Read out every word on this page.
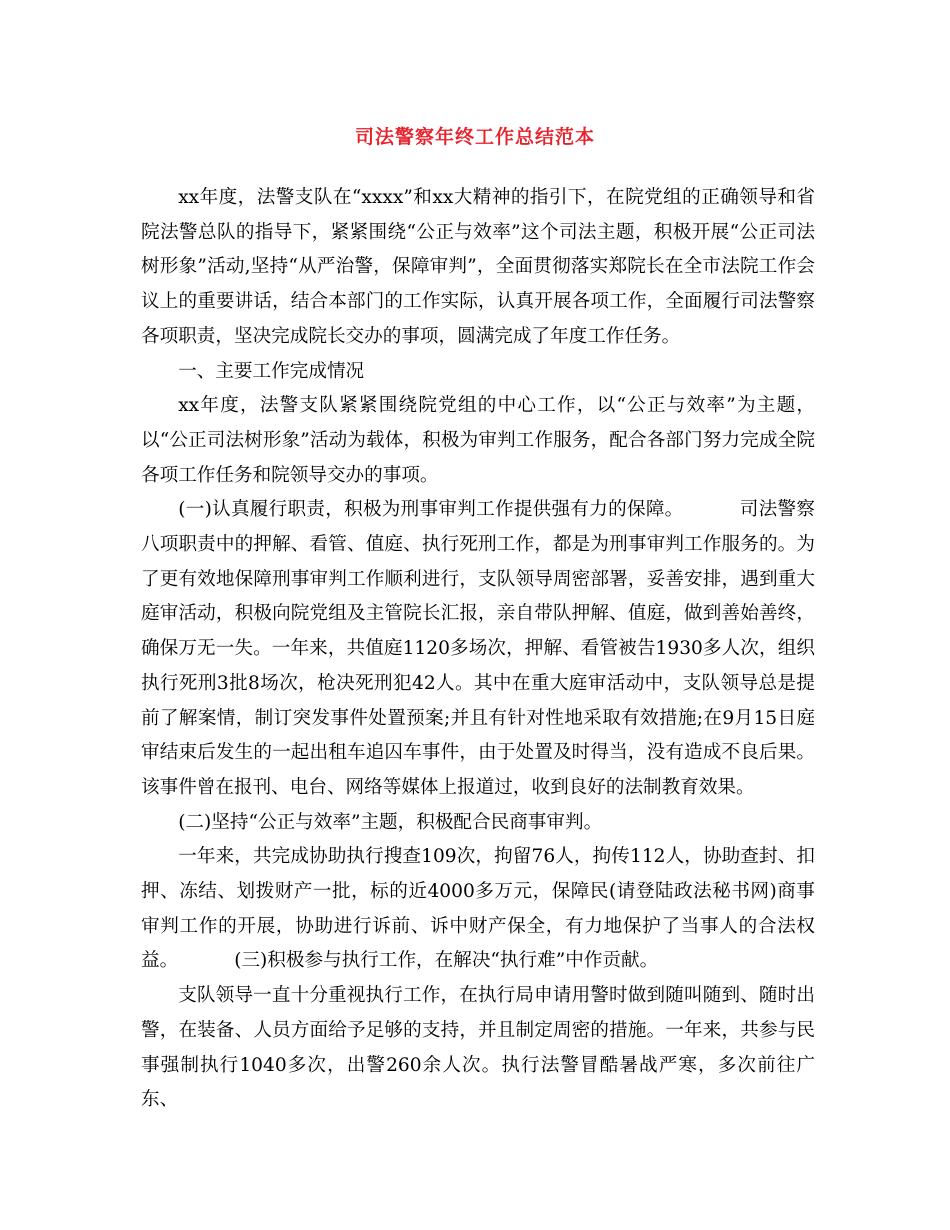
司法警察年终工作总结范本

xx年度，法警支队在“xxxx”和xx大精神的指引下，在院党组的正确领导和省院法警总队的指导下，紧紧围绕“公正与效率”这个司法主题，积极开展“公正司法树形象”活动,坚持“从严治警，保障审判”，全面贯彻落实郑院长在全市法院工作会议上的重要讲话，结合本部门的工作实际，认真开展各项工作，全面履行司法警察各项职责，坚决完成院长交办的事项，圆满完成了年度工作任务。

一、主要工作完成情况

xx年度，法警支队紧紧围绕院党组的中心工作，以“公正与效率”为主题，以“公正司法树形象”活动为载体，积极为审判工作服务，配合各部门努力完成全院各项工作任务和院领导交办的事项。

(一)认真履行职责，积极为刑事审判工作提供强有力的保障。	司法警察八项职责中的押解、看管、值庭、执行死刑工作，都是为刑事审判工作服务的。为了更有效地保障刑事审判工作顺利进行，支队领导周密部署，妥善安排，遇到重大庭审活动，积极向院党组及主管院长汇报，亲自带队押解、值庭，做到善始善终，确保万无一失。一年来，共值庭1120多场次，押解、看管被告1930多人次，组织执行死刑3批8场次，枪决死刑犯42人。其中在重大庭审活动中，支队领导总是提前了解案情，制订突发事件处置预案;并且有针对性地采取有效措施;在9月15日庭审结束后发生的一起出租车追囚车事件，由于处置及时得当，没有造成不良后果。该事件曾在报刊、电台、网络等媒体上报道过，收到良好的法制教育效果。

(二)坚持“公正与效率”主题，积极配合民商事审判。

一年来，共完成协助执行搜查109次，拘留76人，拘传112人，协助查封、扣押、冻结、划拨财产一批，标的近4000多万元，保障民(请登陆政法秘书网)商事审判工作的开展，协助进行诉前、诉中财产保全，有力地保护了当事人的合法权益。	(三)积极参与执行工作，在解决“执行难”中作贡献。

支队领导一直十分重视执行工作，在执行局申请用警时做到随叫随到、随时出警，在装备、人员方面给予足够的支持，并且制定周密的措施。一年来，共参与民事强制执行1040多次，出警260余人次。执行法警冒酷暑战严寒，多次前往广东、
